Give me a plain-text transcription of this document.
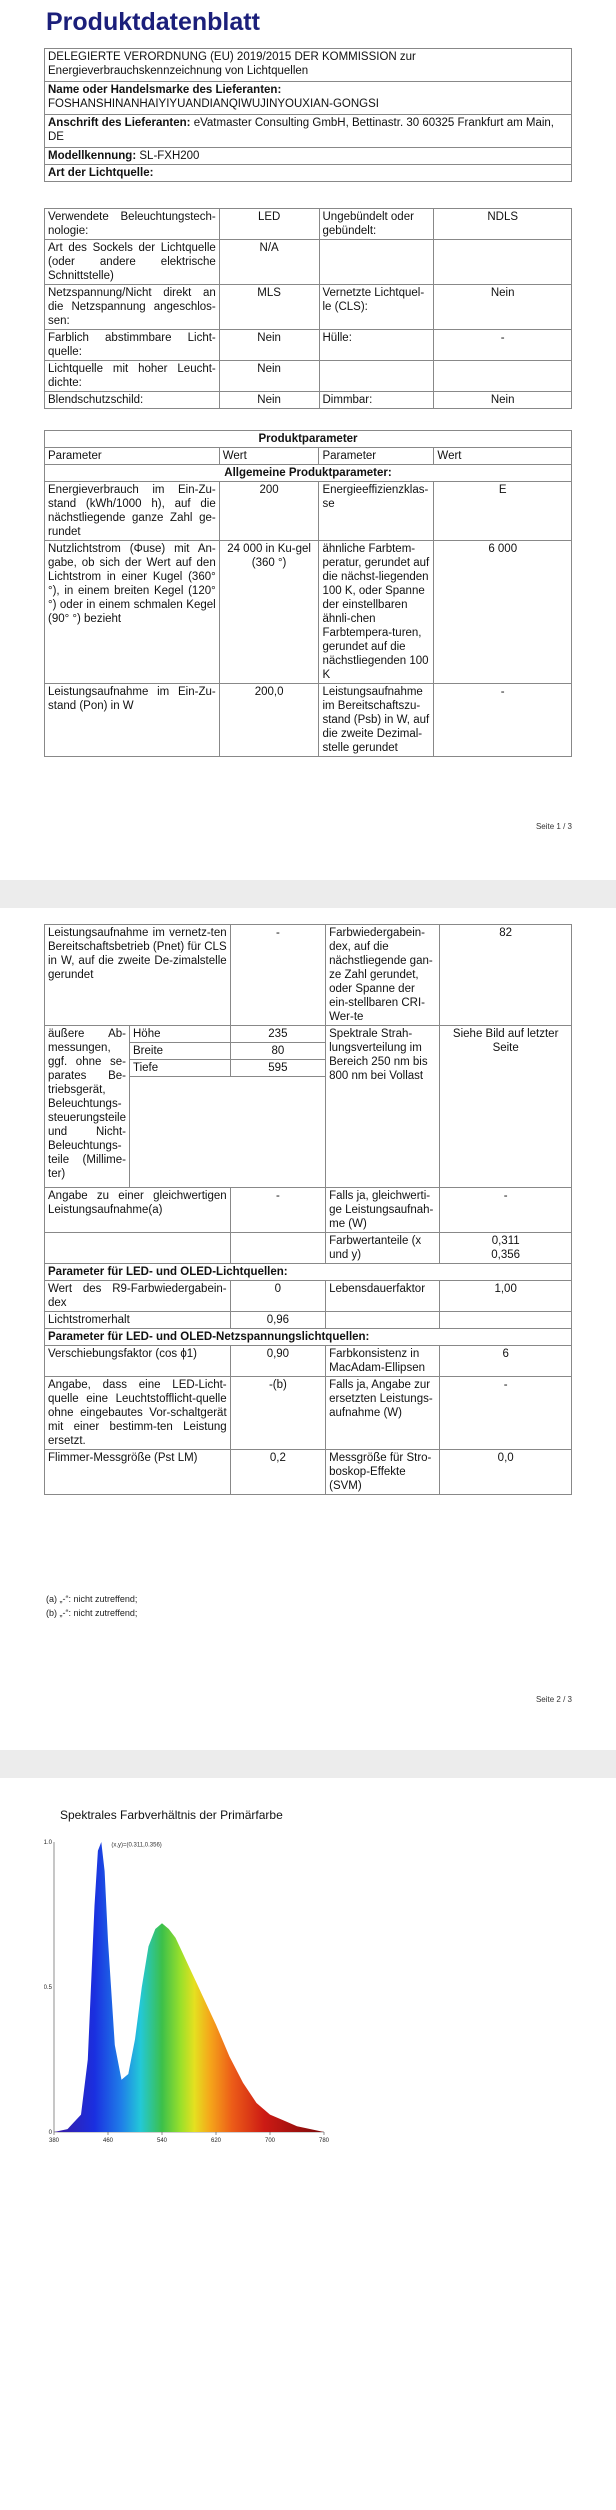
Produktdatenblatt
DELEGIERTE VERORDNUNG (EU) 2019/2015 DER KOMMISSION zur Energieverbrauchskennzeichnung von Lichtquellen
Name oder Handelsmarke des Lieferanten: FOSHANSHINANHAIYIYUANDIANQIWUJINYOUXIAN-GONGSI
Anschrift des Lieferanten: eVatmaster Consulting GmbH, Bettinastr. 30 60325 Frankfurt am Main, DE
Modellkennung: SL-FXH200
Art der Lichtquelle:
Verwendete Beleuchtungstech-nologie:	LED	Ungebündelt oder gebündelt:	NDLS
Art des Sockels der Lichtquelle (oder andere elektrische Schnittstelle)	N/A		
Netzspannung/Nicht direkt an die Netzspannung angeschlos-sen:	MLS	Vernetzte Lichtquel-le (CLS):	Nein
Farblich abstimmbare Licht-quelle:	Nein	Hülle:	-
Lichtquelle mit hoher Leucht-dichte:	Nein		
Blendschutzschild:	Nein	Dimmbar:	Nein
Produktparameter			
Parameter	Wert	Parameter	Wert
Allgemeine Produktparameter:			
Energieverbrauch im Ein-Zu-stand (kWh/1000 h), auf die nächstliegende ganze Zahl ge-rundet	200	Energieeffizienzklas-se	E
Nutzlichtstrom (Φuse) mit An-gabe, ob sich der Wert auf den Lichtstrom in einer Kugel (360° °), in einem breiten Kegel (120° °) oder in einem schmalen Kegel (90° °) bezieht	24 000 in Ku-gel (360 °)	ähnliche Farbtem-peratur, gerundet auf die nächst-liegenden 100 K, oder Spanne der einstellbaren ähnli-chen Farbtempera-turen, gerundet auf die nächstliegenden 100 K	6 000
Leistungsaufnahme im Ein-Zu-stand (Pon) in W	200,0	Leistungsaufnahme im Bereitschaftszu-stand (Psb) in W, auf die zweite Dezimal-stelle gerundet	-
Seite 1 / 3
Leistungsaufnahme im vernetz-ten Bereitschaftsbetrieb (Pnet) für CLS in W, auf die zweite De-zimalstelle gerundet		-	Farbwiedergabein-dex, auf die nächstliegende gan-ze Zahl gerundet, oder Spanne der ein-stellbaren CRI-Wer-te	82
äußere Ab-messungen, ggf. ohne se-parates Be-triebsgerät, Beleuchtungs-steuerungsteile und Nicht-Beleuchtungs-teile (Millime-ter)	Höhe	235	Spektrale Strah-lungsverteilung im Bereich 250 nm bis 800 nm bei Vollast	Siehe Bild auf letzter Seite
	Breite	80		
	Tiefe	595		

Angabe zu einer gleichwertigen Leistungsaufnahme(a)		-	Falls ja, gleichwerti-ge Leistungsaufnah-me (W)	-
			Farbwertanteile (x und y)	0,311
0,356
Parameter für LED- und OLED-Lichtquellen:				
Wert des R9-Farbwiedergabein-dex		0	Lebensdauerfaktor	1,00
Lichtstromerhalt		0,96		
Parameter für LED- und OLED-Netzspannungslichtquellen:				
Verschiebungsfaktor (cos ϕ1)		0,90	Farbkonsistenz in MacAdam-Ellipsen	6
Angabe, dass eine LED-Licht-quelle eine Leuchtstofflicht-quelle ohne eingebautes Vor-schaltgerät mit einer bestimm-ten Leistung ersetzt.		-(b)	Falls ja, Angabe zur ersetzten Leistungs-aufnahme (W)	-
Flimmer-Messgröße (Pst LM)		0,2	Messgröße für Stro-boskop-Effekte (SVM)	0,0
(a) „-“: nicht zutreffend;
(b) „-“: nicht zutreffend;
Seite 2 / 3
Spektrales Farbverhältnis der Primärfarbe
380	460	540	620	700	780
1.0
0.5
0
(x,y)=(0.311,0.356)
